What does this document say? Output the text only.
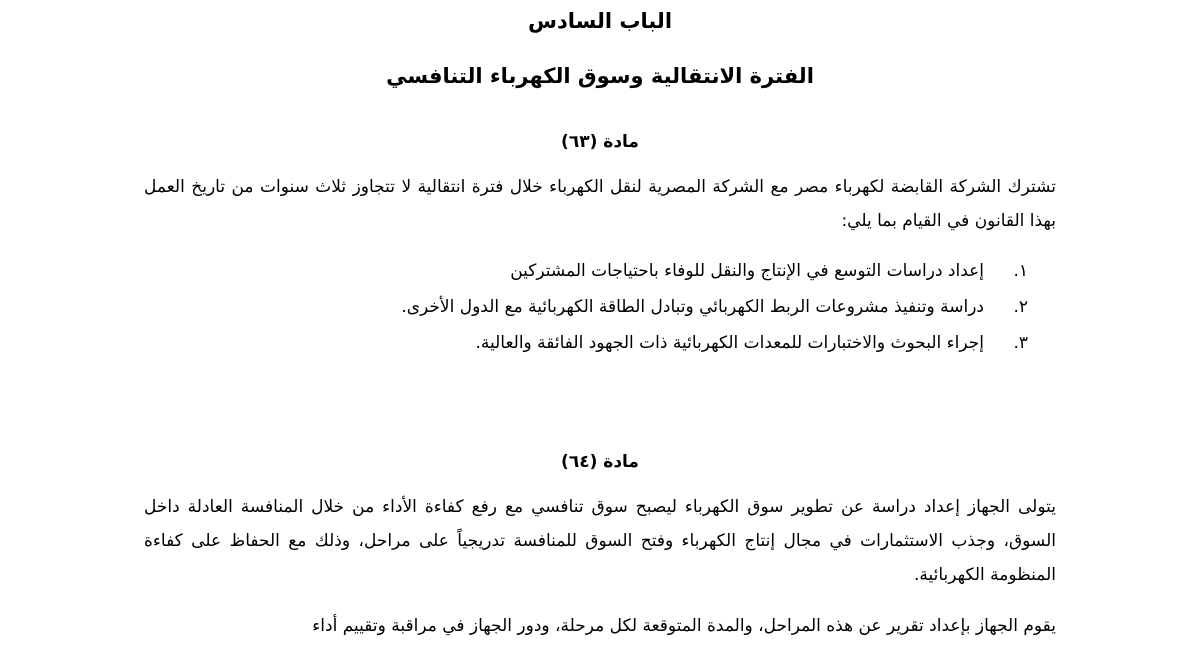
الباب السادس
الفترة الانتقالية وسوق الكهرباء التنافسي
مادة (٦٣)

تشترك الشركة القابضة لكهرباء مصر مع الشركة المصرية لنقل الكهرباء خلال فترة انتقالية لا تتجاوز ثلاث سنوات من تاريخ العمل بهذا القانون في القيام بما يلي:

١.
إعداد دراسات التوسع في الإنتاج والنقل للوفاء باحتياجات المشتركين
٢.
دراسة وتنفيذ مشروعات الربط الكهربائي وتبادل الطاقة الكهربائية مع الدول الأخرى.
٣.
إجراء البحوث والاختبارات للمعدات الكهربائية ذات الجهود الفائقة والعالية.
مادة (٦٤)

يتولى الجهاز إعداد دراسة عن تطوير سوق الكهرباء ليصبح سوق تنافسي مع رفع كفاءة الأداء من خلال المنافسة العادلة داخل السوق، وجذب الاستثمارات في مجال إنتاج الكهرباء وفتح السوق للمنافسة تدريجياً على مراحل، وذلك مع الحفاظ على كفاءة المنظومة الكهربائية.

يقوم الجهاز بإعداد تقرير عن هذه المراحل، والمدة المتوقعة لكل مرحلة، ودور الجهاز في مراقبة وتقييم أداء
